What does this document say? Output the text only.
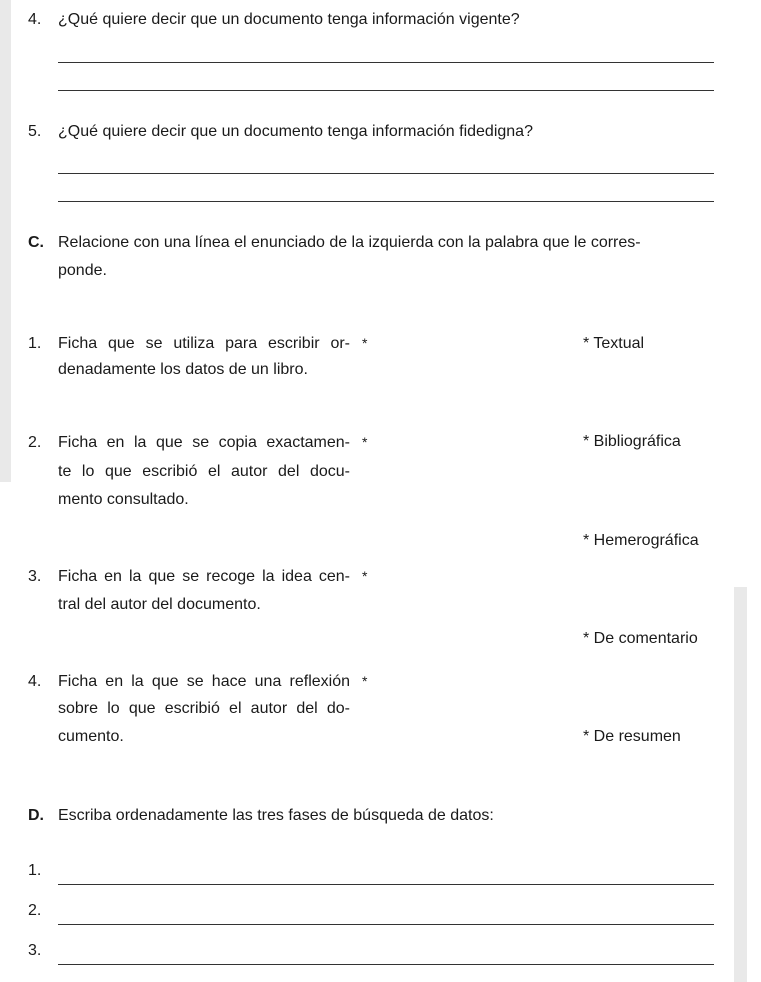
4. ¿Qué quiere decir que un documento tenga información vigente?
5. ¿Qué quiere decir que un documento tenga información fidedigna?
C. Relacione con una línea el enunciado de la izquierda con la palabra que le corres-
ponde.
1. Ficha que se utiliza para escribir or-
denadamente los datos de un libro.
*
2. Ficha en la que se copia exactamen-
te lo que escribió el autor del docu-
mento consultado.
*
3. Ficha en la que se recoge la idea cen-
tral del autor del documento.
*
4. Ficha en la que se hace una reflexión
sobre lo que escribió el autor del do-
cumento.
*
* Textual
* Bibliográfica
* Hemerográfica
* De comentario
* De resumen
D. Escriba ordenadamente las tres fases de búsqueda de datos:
1.
2.
3.
